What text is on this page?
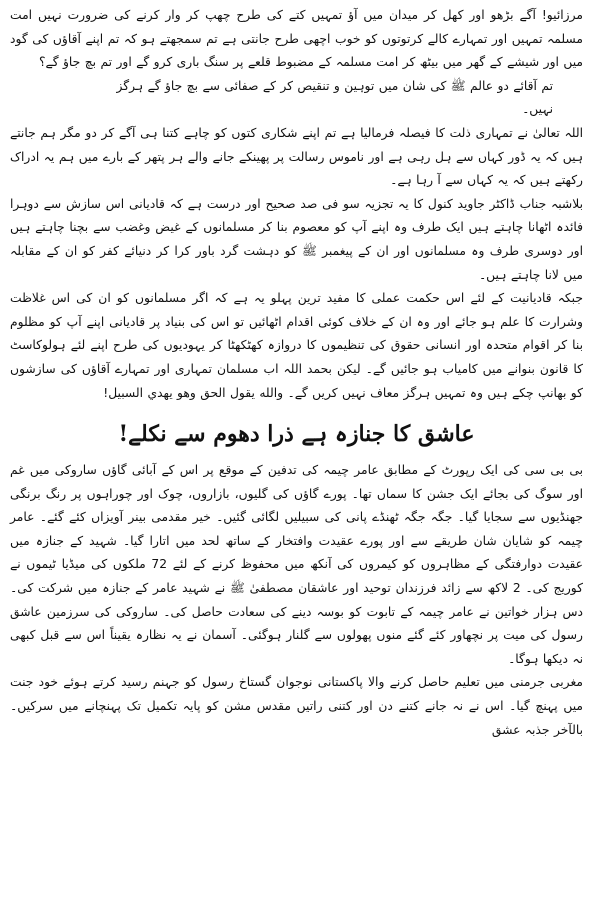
مرزائیو! آگے بڑھو اور کھل کر میدان میں آؤ تمہیں کتے کی طرح چھپ کر وار کرنے کی ضرورت نہیں امت مسلمہ تمہیں اور تمہارے کالے کرتوتوں کو خوب اچھی طرح جانتی ہے تم سمجھتے ہو کہ تم اپنے آقاؤں کی گود میں اور شیشے کے گھر میں بیٹھ کر امت مسلمہ کے مضبوط قلعے پر سنگ باری کرو گے اور تم بچ جاؤ گے؟

تم آقائے دو عالم ﷺ کی شان میں توہین و تنقیص کر کے صفائی سے بچ جاؤ گے ہرگز نہیں۔

اللہ تعالیٰ نے تمہاری ذلت کا فیصلہ فرمالیا ہے تم اپنے شکاری کتوں کو چاہے کتنا ہی آگے کر دو مگر ہم جانتے ہیں کہ یہ ڈور کہاں سے ہل رہی ہے اور ناموس رسالت پر پھینکے جانے والے ہر پتھر کے بارے میں ہم یہ ادراک رکھتے ہیں کہ یہ کہاں سے آ رہا ہے۔

بلاشبہ جناب ڈاکٹر جاوید کنول کا یہ تجزیہ سو فی صد صحیح اور درست ہے کہ قادیانی اس سازش سے دوہرا فائدہ اٹھانا چاہتے ہیں ایک طرف وہ اپنے آپ کو معصوم بنا کر مسلمانوں کے غیض وغضب سے بچنا چاہتے ہیں اور دوسری طرف وہ مسلمانوں اور ان کے پیغمبر ﷺ کو دہشت گرد باور کرا کر دنیائے کفر کو ان کے مقابلہ میں لانا چاہتے ہیں۔

جبکہ قادیانیت کے لئے اس حکمت عملی کا مفید ترین پہلو یہ ہے کہ اگر مسلمانوں کو ان کی اس غلاظت وشرارت کا علم ہو جائے اور وہ ان کے خلاف کوئی اقدام اٹھائیں تو اس کی بنیاد پر قادیانی اپنے آپ کو مظلوم بنا کر اقوام متحدہ اور انسانی حقوق کی تنظیموں کا دروازہ کھٹکھٹا کر یہودیوں کی طرح اپنے لئے ہولوکاسٹ کا قانون بنوانے میں کامیاب ہو جائیں گے۔ لیکن بحمد اللہ اب مسلمان تمہاری اور تمہارے آقاؤں کی سازشوں کو بھانپ چکے ہیں وہ تمہیں ہرگز معاف نہیں کریں گے۔ والله يقول الحق وهو يهدي السبيل!

عاشق کا جنازہ ہے ذرا دھوم سے نکلے!

بی بی سی کی ایک رپورٹ کے مطابق عامر چیمہ کی تدفین کے موقع پر اس کے آبائی گاؤں ساروکی میں غم اور سوگ کی بجائے ایک جشن کا سماں تھا۔ پورے گاؤں کی گلیوں، بازاروں، چوک اور چوراہوں پر رنگ برنگی جھنڈیوں سے سجایا گیا۔ جگہ جگہ ٹھنڈے پانی کی سبیلیں لگائی گئیں۔ خیر مقدمی بینر آویزاں کئے گئے۔ عامر چیمہ کو شایان شان طریقے سے اور پورے عقیدت وافتخار کے ساتھ لحد میں اتارا گیا۔ شہید کے جنازہ میں عقیدت دوارفتگی کے مظاہروں کو کیمروں کی آنکھ میں محفوظ کرنے کے لئے 72 ملکوں کی میڈیا ٹیموں نے کوریج کی۔ 2 لاکھ سے زائد فرزندان توحید اور عاشقان مصطفیٰ ﷺ نے شہید عامر کے جنازہ میں شرکت کی۔ دس ہزار خواتین نے عامر چیمہ کے تابوت کو بوسہ دینے کی سعادت حاصل کی۔ ساروکی کی سرزمین عاشق رسول کی میت پر نچھاور کئے گئے منوں پھولوں سے گلنار ہوگئی۔ آسمان نے یہ نظارہ یقیناً اس سے قبل کبھی نہ دیکھا ہوگا۔

مغربی جرمنی میں تعلیم حاصل کرنے والا پاکستانی نوجوان گستاخ رسول کو جہنم رسید کرتے ہوئے خود جنت میں پہنچ گیا۔ اس نے نہ جانے کتنے دن اور کتنی راتیں مقدس مشن کو پایہ تکمیل تک پہنچانے میں سرکیں۔ بالآخر جذبہ عشق
